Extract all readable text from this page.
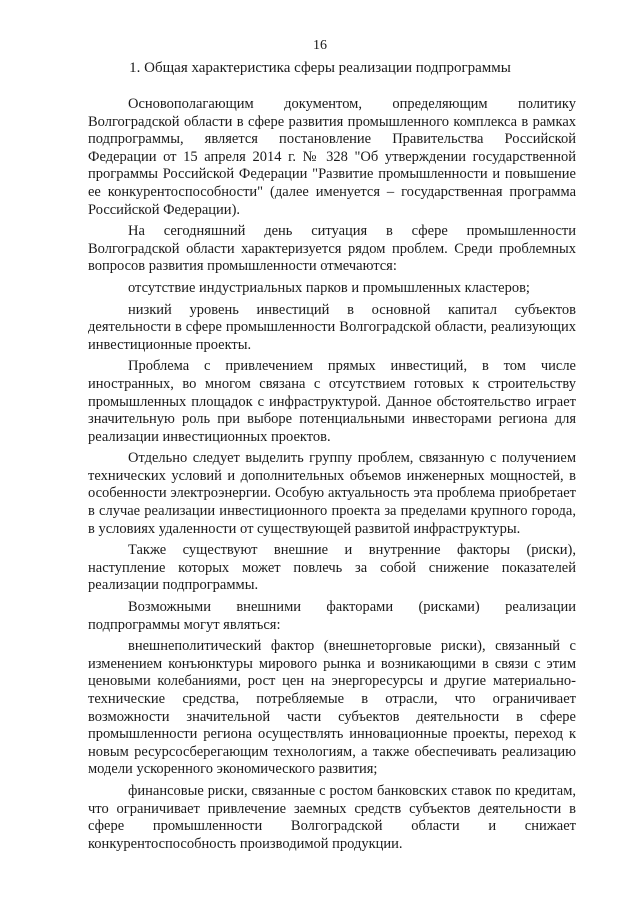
16
1. Общая характеристика сферы реализации подпрограммы

Основополагающим документом, определяющим политику Волгоградской области в сфере развития промышленного комплекса в рамках подпрограммы, является постановление Правительства Российской Федерации от 15 апреля 2014 г. № 328 "Об утверждении государственной программы Российской Федерации "Развитие промышленности и повышение ее конкурентоспособности" (далее именуется – государственная программа Российской Федерации).

На сегодняшний день ситуация в сфере промышленности Волгоградской области характеризуется рядом проблем. Среди проблемных вопросов развития промышленности отмечаются:

отсутствие индустриальных парков и промышленных кластеров;

низкий уровень инвестиций в основной капитал субъектов деятельности в сфере промышленности Волгоградской области, реализующих инвестиционные проекты.

Проблема с привлечением прямых инвестиций, в том числе иностранных, во многом связана с отсутствием готовых к строительству промышленных площадок с инфраструктурой. Данное обстоятельство играет значительную роль при выборе потенциальными инвесторами региона для реализации инвестиционных проектов.

Отдельно следует выделить группу проблем, связанную с получением технических условий и дополнительных объемов инженерных мощностей, в особенности электроэнергии. Особую актуальность эта проблема приобретает в случае реализации инвестиционного проекта за пределами крупного города, в условиях удаленности от существующей развитой инфраструктуры.

Также существуют внешние и внутренние факторы (риски), наступление которых может повлечь за собой снижение показателей реализации подпрограммы.

Возможными внешними факторами (рисками) реализации подпрограммы могут являться:

внешнеполитический фактор (внешнеторговые риски), связанный с изменением конъюнктуры мирового рынка и возникающими в связи с этим ценовыми колебаниями, рост цен на энергоресурсы и другие материально-технические средства, потребляемые в отрасли, что ограничивает возможности значительной части субъектов деятельности в сфере промышленности региона осуществлять инновационные проекты, переход к новым ресурсосберегающим технологиям, а также обеспечивать реализацию модели ускоренного экономического развития;

финансовые риски, связанные с ростом банковских ставок по кредитам, что ограничивает привлечение заемных средств субъектов деятельности в сфере промышленности Волгоградской области и снижает конкурентоспособность производимой продукции.
